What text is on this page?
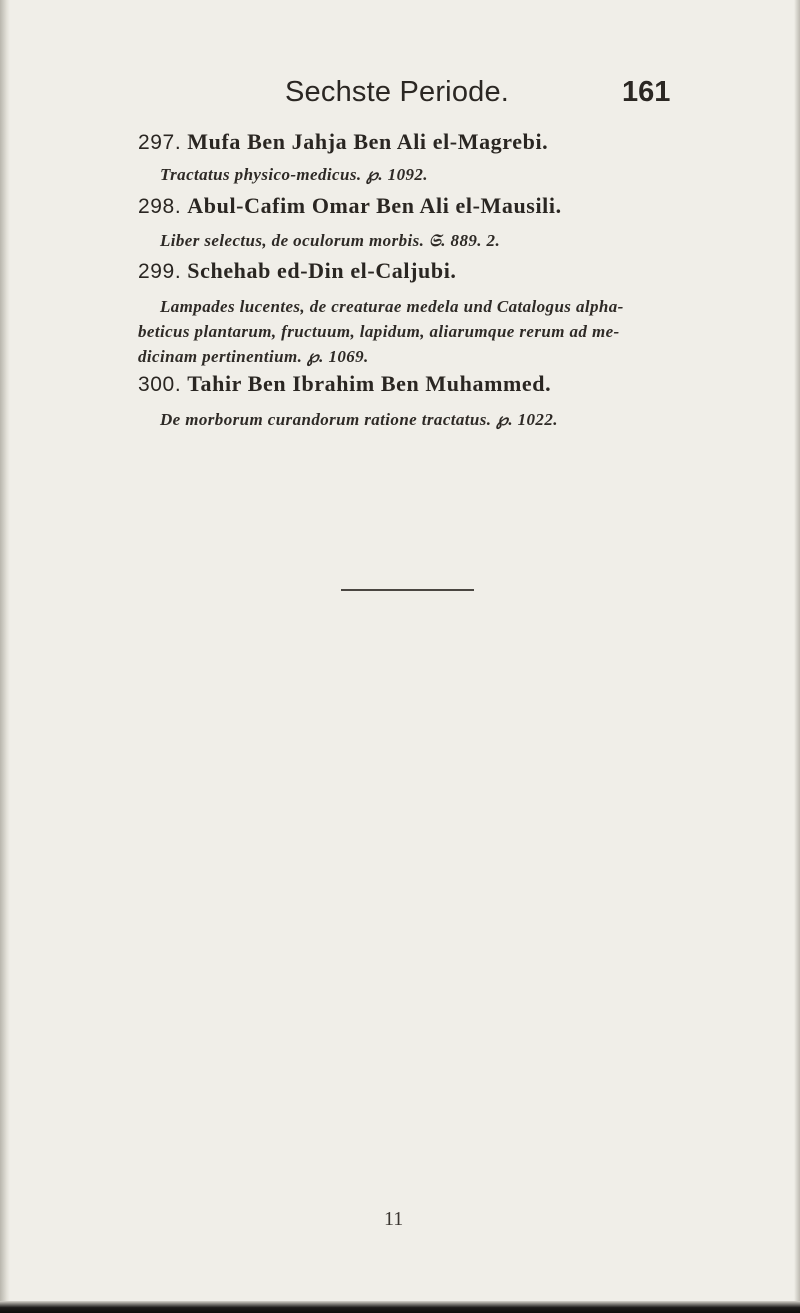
Sechste Periode.	161
297. Mufa Ben Jahja Ben Ali el-Magrebi.
Tractatus physico-medicus. ℘. 1092.
298. Abul-Cafim Omar Ben Ali el-Mausili.
Liber selectus, de oculorum morbis. 𝔖. 889. 2.
299. Schehab ed-Din el-Caljubi.
Lampades lucentes, de creaturae medela und Catalogus alpha-
beticus plantarum, fructuum, lapidum, aliarumque rerum ad me-
dicinam pertinentium. ℘. 1069.
300. Tahir Ben Ibrahim Ben Muhammed.
De morborum curandorum ratione tractatus. ℘. 1022.
11
